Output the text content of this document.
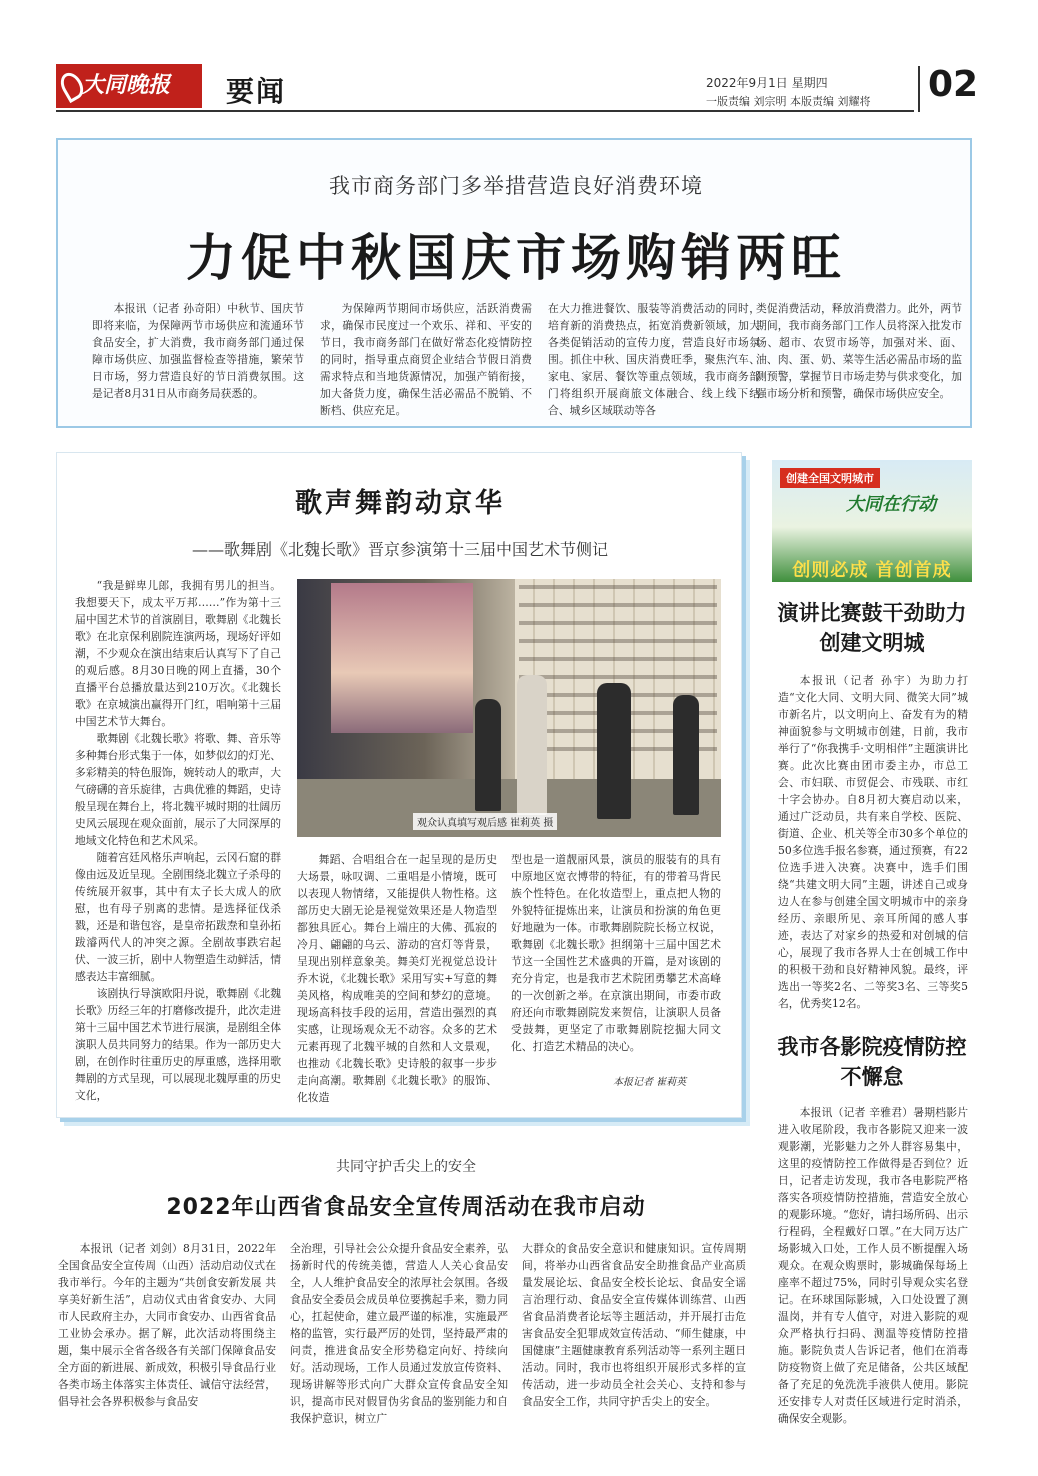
大同晚报	要闻	2022年9月1日 星期四
一版责编 刘宗明 本版责编 刘耀将 02
我市商务部门多举措营造良好消费环境
力促中秋国庆市场购销两旺
本报讯（记者 孙奇阳）中秋节、国庆节即将来临，为保障两节市场供应和流通环节食品安全，扩大消费，我市商务部门通过保障市场供应、加强监督检查等措施，繁荣节日市场，努力营造良好的节日消费氛围。这是记者8月31日从市商务局获悉的。
为保障两节期间市场供应，活跃消费需求，确保市民度过一个欢乐、祥和、平安的节日，我市商务部门在做好常态化疫情防控的同时，指导重点商贸企业结合节假日消费需求特点和当地货源情况，加强产销衔接，加大备货力度，确保生活必需品不脱销、不断档、供应充足。
在大力推进餐饮、服装等消费活动的同时，培育新的消费热点，拓宽消费新领域，加大各类促销活动的宣传力度，营造良好市场氛围。抓住中秋、国庆消费旺季，聚焦汽车、家电、家居、餐饮等重点领域，我市商务部门将组织开展商旅文体融合、线上线下结合、城乡区域联动等各
类促消费活动，释放消费潜力。此外，两节期间，我市商务部门工作人员将深入批发市场、超市、农贸市场等，加强对米、面、油、肉、蛋、奶、菜等生活必需品市场的监测预警，掌握节日市场走势与供求变化，加强市场分析和预警，确保市场供应安全。
歌声舞韵动京华
——歌舞剧《北魏长歌》晋京参演第十三届中国艺术节侧记

“我是鲜卑儿郎，我拥有男儿的担当。我想要天下，成太平万邦……”作为第十三届中国艺术节的首演剧目，歌舞剧《北魏长歌》在北京保利剧院连演两场，现场好评如潮，不少观众在演出结束后认真写下了自己的观后感。8月30日晚的网上直播，30个直播平台总播放量达到210万次。《北魏长歌》在京城演出赢得开门红，唱响第十三届中国艺术节大舞台。

歌舞剧《北魏长歌》将歌、舞、音乐等多种舞台形式集于一体，如梦似幻的灯光、多彩精美的特色服饰，婉转动人的歌声，大气磅礴的音乐旋律，古典优雅的舞蹈，史诗般呈现在舞台上，将北魏平城时期的壮阔历史风云展现在观众面前，展示了大同深厚的地域文化特色和艺术风采。

随着宫廷风格乐声响起，云冈石窟的群像由远及近呈现。全剧围绕北魏立子杀母的传统展开叙事，其中有太子长大成人的欣慰，也有母子别离的悲情。是选择征伐杀戮，还是和谐包容，是皇帝拓跋焘和皇孙拓跋濬两代人的冲突之源。全剧故事跌宕起伏、一波三折，剧中人物塑造生动鲜活，情感表达丰富细腻。

该剧执行导演欧阳丹说，歌舞剧《北魏长歌》历经三年的打磨修改提升，此次走进第十三届中国艺术节进行展演，是剧组全体演职人员共同努力的结果。作为一部历史大剧，在创作时往重历史的厚重感，选择用歌舞剧的方式呈现，可以展现北魏厚重的历史文化，

观众认真填写观后感 崔莉英 摄
舞蹈、合唱组合在一起呈现的是历史大场景，咏叹调、二重唱是小情境，既可以表现人物情绪，又能提供人物性格。这部历史大剧无论是视觉效果还是人物造型都独具匠心。舞台上端庄的大佛、孤寂的冷月、翩翩的乌云、游动的宫灯等背景，呈现出别样意象美。舞美灯光视觉总设计乔木说，《北魏长歌》采用写实+写意的舞美风格，构成唯美的空间和梦幻的意境。现场高科技手段的运用，营造出强烈的真实感，让现场观众无不动容。众多的艺术元素再现了北魏平城的自然和人文景观，也推动《北魏长歌》史诗般的叙事一步步走向高潮。歌舞剧《北魏长歌》的服饰、化妆造
型也是一道靓丽风景，演员的服装有的具有中原地区宽衣博带的特征，有的带着马背民族个性特色。在化妆造型上，重点把人物的外貌特征提炼出来，让演员和扮演的角色更好地融为一体。市歌舞剧院院长杨立权说，歌舞剧《北魏长歌》担纲第十三届中国艺术节这一全国性艺术盛典的开篇，是对该剧的充分肯定，也是我市艺术院团勇攀艺术高峰的一次创新之举。在京演出期间，市委市政府还向市歌舞剧院发来贺信，让演职人员备受鼓舞，更坚定了市歌舞剧院挖掘大同文化、打造艺术精品的决心。
本报记者 崔莉英
创建全国文明城市
大同在行动
创则必成 首创首成
演讲比赛鼓干劲助力创建文明城
本报讯（记者 孙宇）为助力打造“文化大同、文明大同、微笑大同”城市新名片，以文明向上、奋发有为的精神面貌参与文明城市创建，日前，我市举行了“你我携手·文明相伴”主题演讲比赛。此次比赛由团市委主办，市总工会、市妇联、市贸促会、市残联、市红十字会协办。自8月初大赛启动以来，通过广泛动员，共有来自学校、医院、街道、企业、机关等全市30多个单位的50多位选手报名参赛，通过预赛，有22位选手进入决赛。决赛中，选手们围绕“共建文明大同”主题，讲述自己或身边人在参与创建全国文明城市中的亲身经历、亲眼所见、亲耳所闻的感人事迹，表达了对家乡的热爱和对创城的信心，展现了我市各界人士在创城工作中的积极干劲和良好精神风貌。最终，评选出一等奖2名、二等奖3名、三等奖5名，优秀奖12名。
我市各影院疫情防控不懈怠
本报讯（记者 辛雅君）暑期档影片进入收尾阶段，我市各影院又迎来一波观影潮，光影魅力之外人群容易集中，这里的疫情防控工作做得是否到位？近日，记者走访发现，我市各电影院严格落实各项疫情防控措施，营造安全放心的观影环境。“您好，请扫场所码、出示行程码，全程戴好口罩。”在大同万达广场影城入口处，工作人员不断提醒入场观众。在观众购票时，影城确保每场上座率不超过75%，同时引导观众实名登记。在环球国际影城，入口处设置了测温岗，并有专人值守，对进入影院的观众严格执行扫码、测温等疫情防控措施。影院负责人告诉记者，他们在消毒防疫物资上做了充足储备，公共区域配备了充足的免洗洗手液供人使用。影院还安排专人对责任区域进行定时消杀，确保安全观影。
共同守护舌尖上的安全
2022年山西省食品安全宣传周活动在我市启动
本报讯（记者 刘剑）8月31日，2022年全国食品安全宣传周（山西）活动启动仪式在我市举行。今年的主题为“共创食安新发展 共享美好新生活”，启动仪式由省食安办、大同市人民政府主办，大同市食安办、山西省食品工业协会承办。据了解，此次活动将围绕主题，集中展示全省各级各有关部门保障食品安全方面的新进展、新成效，积极引导食品行业各类市场主体落实主体责任、诚信守法经营，倡导社会各界积极参与食品安
全治理，引导社会公众提升食品安全素养，弘扬新时代的传统美德，营造人人关心食品安全，人人维护食品安全的浓厚社会氛围。各级食品安全委员会成员单位要携起手来，勠力同心，扛起使命，建立最严谨的标准，实施最严格的监管，实行最严厉的处罚，坚持最严肃的问责，推进食品安全形势稳定向好、持续向好。活动现场，工作人员通过发放宣传资料、现场讲解等形式向广大群众宣传食品安全知识，提高市民对假冒伪劣食品的鉴别能力和自我保护意识，树立广
大群众的食品安全意识和健康知识。宣传周期间，将举办山西省食品安全助推食品产业高质量发展论坛、食品安全校长论坛、食品安全谣言治理行动、食品安全宣传媒体训练营、山西省食品消费者论坛等主题活动，并开展打击危害食品安全犯罪成效宣传活动、“师生健康，中国健康”主题健康教育系列活动等一系列主题日活动。同时，我市也将组织开展形式多样的宣传活动，进一步动员全社会关心、支持和参与食品安全工作，共同守护舌尖上的安全。
